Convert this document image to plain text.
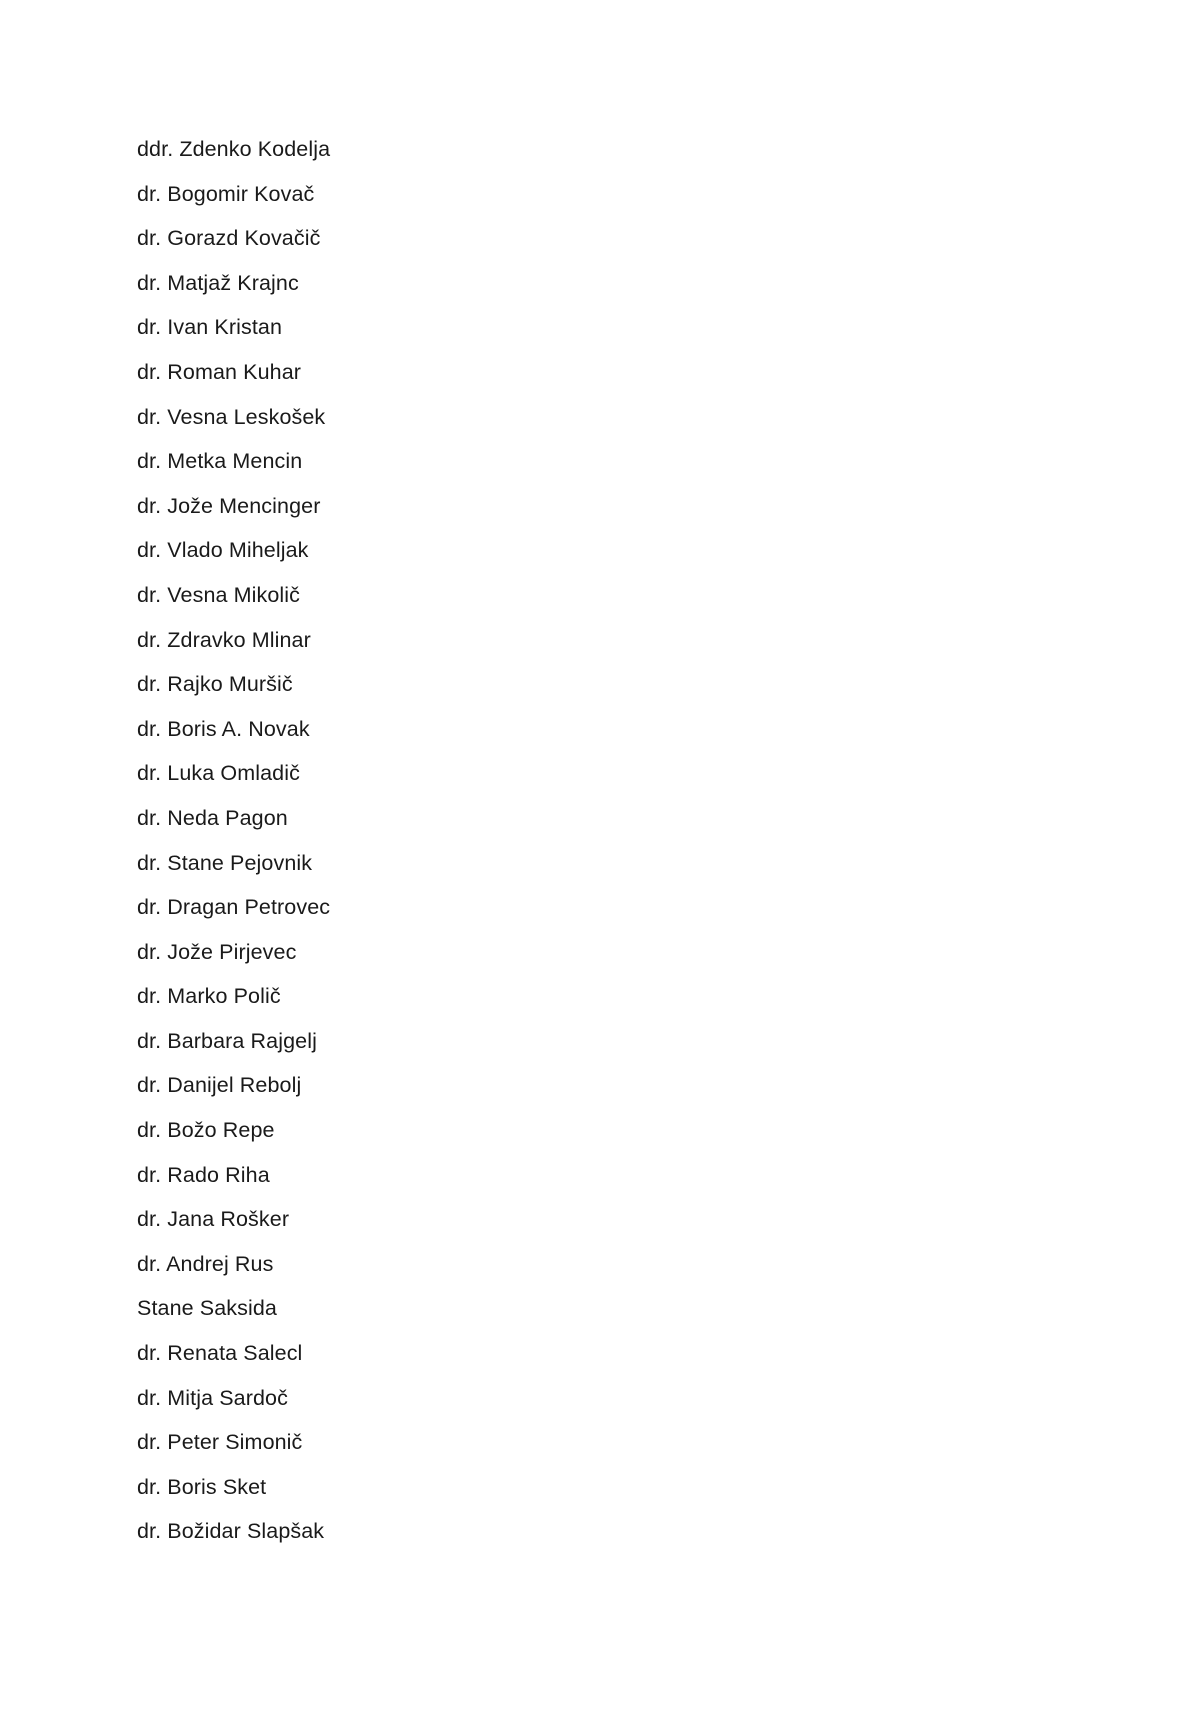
ddr. Zdenko Kodelja
dr. Bogomir Kovač
dr. Gorazd Kovačič
dr. Matjaž Krajnc
dr. Ivan Kristan
dr. Roman Kuhar
dr. Vesna Leskošek
dr. Metka Mencin
dr. Jože Mencinger
dr. Vlado Miheljak
dr. Vesna Mikolič
dr. Zdravko Mlinar
dr. Rajko Muršič
dr. Boris A. Novak
dr. Luka Omladič
dr. Neda Pagon
dr. Stane Pejovnik
dr. Dragan Petrovec
dr. Jože Pirjevec
dr. Marko Polič
dr. Barbara Rajgelj
dr. Danijel Rebolj
dr. Božo Repe
dr. Rado Riha
dr. Jana Rošker
dr. Andrej Rus
Stane Saksida
dr. Renata Salecl
dr. Mitja Sardoč
dr. Peter Simonič
dr. Boris Sket
dr. Božidar Slapšak
